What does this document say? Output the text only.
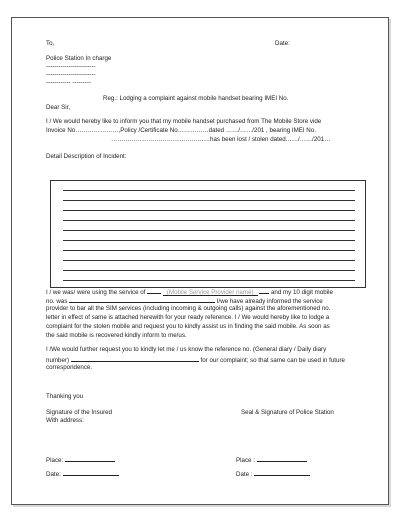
To,	Date:
Police Station In charge
------------------------
------------------------
------------ ---------
Reg.: Lodging a complaint against mobile handset bearing IMEI No.
Dear Sir,
I / We would hereby like to inform you that my mobile handset purchased from The Mobile Store vide
Invoice No…………………,Policy /Certificate No……………dated ……/……/201 , bearing IMEI No.
…………………………………………has been lost / stolen dated……/……/201…
Detail Description of Incident:
I / we was/ were using the service of	(Mobile Service Provider name)	and my 10 digit mobile
no. was	I/we have already informed the service
provider to bar all the SIM services (including incoming & outgoing calls) against the aforementioned no.
letter in effect of same is attached herewith for your ready reference. I / We would hereby like to lodge a
complaint for the stolen mobile and request you to kindly assist us in finding the said mobile. As soon as
the said mobile is recovered kindly inform to me/us.
I /We would further request you to kindly let me / us know the reference no. (General diary / Daily diary
number)	for our complaint; so that same can be used in future
correspondence.
Thanking you
Signature of the Insured
With address:
Seal & Signature of Police Station
Place:	Place :
Date:	Date :
